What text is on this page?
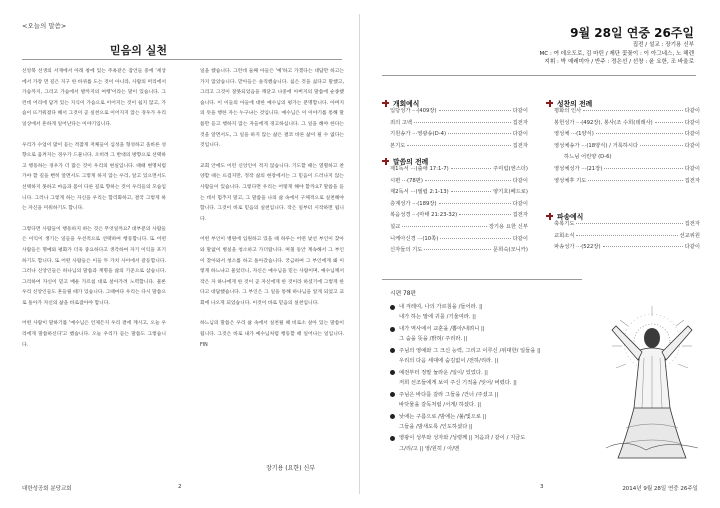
<오늘의 말씀>
믿음의 실천

신앙북 선생의 서재에서 아래 창에 있는 주옥같은 잠언들 중에 '세상에서 가장 먼 길은 지구 한 바퀴를 도는 것이 아니라, 사람의 머리에서 가슴까지, 그리고 가슴에서 발까지의 여행'이라는 말이 있습니다. 그런데 어리에 담겨 있는 지식이 가슴으로 이어지는 것이 쉽지 않고, 가슴이 뜨거워졌다 해서 그것이 곧 실천으로 이어지지 않는 경우가 우리 일상에서 흔하게 일어난다는 이야기입니다.

우리가 수업이 많이 듣는 적잖게 저체들이 심성을 형성하고 올바른 성향으로 움켜지는 경우가 드물니다. 오히려 그 반대의 방향으로 선택하고 행동하는 경우가 더 많은 것이 우리의 현실입니다. 때때 변명처럼 가야 할 길을 뻔히 알면서도 그렇게 하지 않는 우리, 알고 있으면서도 선택하지 못하고 마음과 몸이 다른 길로 향하는 것이 우리들의 모습입니다. 그러나 그렇게 하는 자신을 우리는 합리화하고, 결국 그렇게 하는 자신을 미워하기도 합니다.

그렇다면 사람들이 행동하지 하는 것은 무엇일까요? 대부분의 사람들은 이익이 생기는 일들을 우선적으로 선택하여 행동합니다. 또 어떤 사람들은 명예와 평화가 더욱 중요하다고 생각하여 자기 이익을 포기하기도 합니다. 또 어떤 사람들은 이들 두 가치 사이에서 갈등합니다. 그러나 신앙인들은 하나님의 말씀과 계명을 삶의 기준으로 삼습니다. 그리하여 자신이 믿고 배운 가르침 대로 살아가려 노력합니다. 물론 우리 신앙인들도 흔들릴 때가 있습니다. 그때마다 우리는 다시 말씀으로 돌아가 자신의 삶을 바로잡아야 합니다.

어떤 사람이 말하기를 '예수님은 언제든지 우리 곁에 계시고, 오늘 우리에게 말씀하신다'고 했습니다. 오늘 우리가 듣는 말씀도 그렇습니다.

일을 했습니다. 그런데 둘째 아들은 '예'하고 가겠다는 대답만 하고는 가지 않았습니다. 맏아들은 솔직했습니다. 싫은 것을 싫다고 말했고, 그리고 그것이 잘못되었음을 깨닫고 나중에 아버지의 말씀에 순종했습니다. 이 이들의 아들에 대한 예수님의 평가는 분명합니다. 아버지의 뜻을 행한 자는 누구냐는 것입니다. 예수님은 이 이야기를 통해 말씀만 듣고 행하지 않는 자들에게 경고하십니다. 그 일을 해야 한다는 것을 알면서도, 그 일을 하지 않는 삶은 결코 바른 삶이 될 수 없다는 것입니다.

교회 안에도 이런 신앙인이 적지 않습니다. 기도할 때는 열렬하고 찬양할 때는 뜨겁지만, 정작 삶의 현장에서는 그 믿음이 드러나지 않는 사람들이 있습니다. 그렇다면 우리는 어떻게 해야 할까요? 말씀을 듣는 데서 멈추지 말고, 그 말씀을 나의 삶 속에서 구체적으로 실천해야 합니다. 그것이 바로 믿음의 실천입니다. 작은 일부터 시작하면 됩니다.

어떤 부인이 병원에 입원하고 있을 때 하루는 어떤 낯선 부인이 찾아와 말없이 병실을 청소하고 가더랍니다. 며칠 동안 계속해서 그 부인이 찾아와서 청소를 하고 돌아갔습니다. 궁금하여 그 부인에게 왜 이렇게 하느냐고 물었더니, 자신은 예수님을 믿는 사람이며, 예수님께서 작은 자 하나에게 한 것이 곧 자신에게 한 것이라 하셨기에 그렇게 한다고 대답했습니다. 그 부인은 그 일을 통해 하나님을 알게 되었고 교회에 나오게 되었습니다. 이것이 바로 믿음의 실천입니다.

하느님의 말씀은 우리 삶 속에서 실천될 때 비로소 살아 있는 말씀이 됩니다. 그것은 바로 내가 예수님처럼 행동할 때 일어나는 일입니다. FIN

장기용 (요한) 신부
대한성공회 분당교회	2
9월 28일 연중 26주일
집전 / 설교 : 장기용 신부
MC : 여 데오도로, 김 마틴 / 제단 꽃꽂이 : 이 아그네스, 노 헤렌
지휘 : 박 예레미아 / 반주 : 정은선 / 선창 : 윤 요한, 조 바울로
개회예식
입당성가 ···(409장)	다같이
죄의 고백	집전자
기원송가 ···영광송(D-4)	다같이
본기도	집전자
말씀의 전례
제1독서 ···(출애 17:1-7)	주미림(엔스더)
시편 ···(78편)	다같이
제2독서 ···(필립 2:1-13)	양기호(베드로)
층계성가 ···(189장)	다같이
복음성경 ···(마태 21:23-32)	집전자
설교	장기용 요한 신부
니케아신경 ···(10쪽)	다같이
신자들의 기도	문희숙(모니카)
성찬의 전례
평화의 인사	다같이
봉헌성가 ···(492장), 봉사(조 수희(데레사)	다같이
영성체 ···(1양식)	다같이
영성체송가 ···(18양식) / 거룩하시다	다같이
하느님 어린양 (D-6)
영성체성가 ···(21장)	다같이
영성체후 기도	집전자
파송예식
축복기도	집전자
교회소식	선교위원
파송성가 ···(522장)	다같이
시편 78편
내 겨레여, 나의 가르침을 /들어라. ||
내가 하는 말에 귀를 /기울여라. ||
내가 역사에서 교훈을 /뽑아/내려니 ||
그 숨을 뜻을 /밝혀/ 주리라. ||
주님의 영예와 그 크신 능력, 그리고 이루신 /위대한/ 일들을 ||
우리의 다음 세대에 숨김없이 /전하/리라. ||
예전부터 정말 놀라운 /일이/ 있었다. ||
저희 선조들에게 보여 주신 기적을 /잊어/ 버렸다. ||
주님은 바다를 갈라 그들을 /건너 /주셨고 ||
바닷물을 갈독처럼 /서게/ 하셨다. ||
낮에는 구름으로 /밤에는 /불/빛으로 ||
그들을 /밤새도록 /인도하셨다 ||
영광이 성부와 성자와 /성령께 || 처음과 / 같이 / 지금도
그/리/고 || 영/원히 / 아/멘
3	2014년 9월 28일 연중 26주일
